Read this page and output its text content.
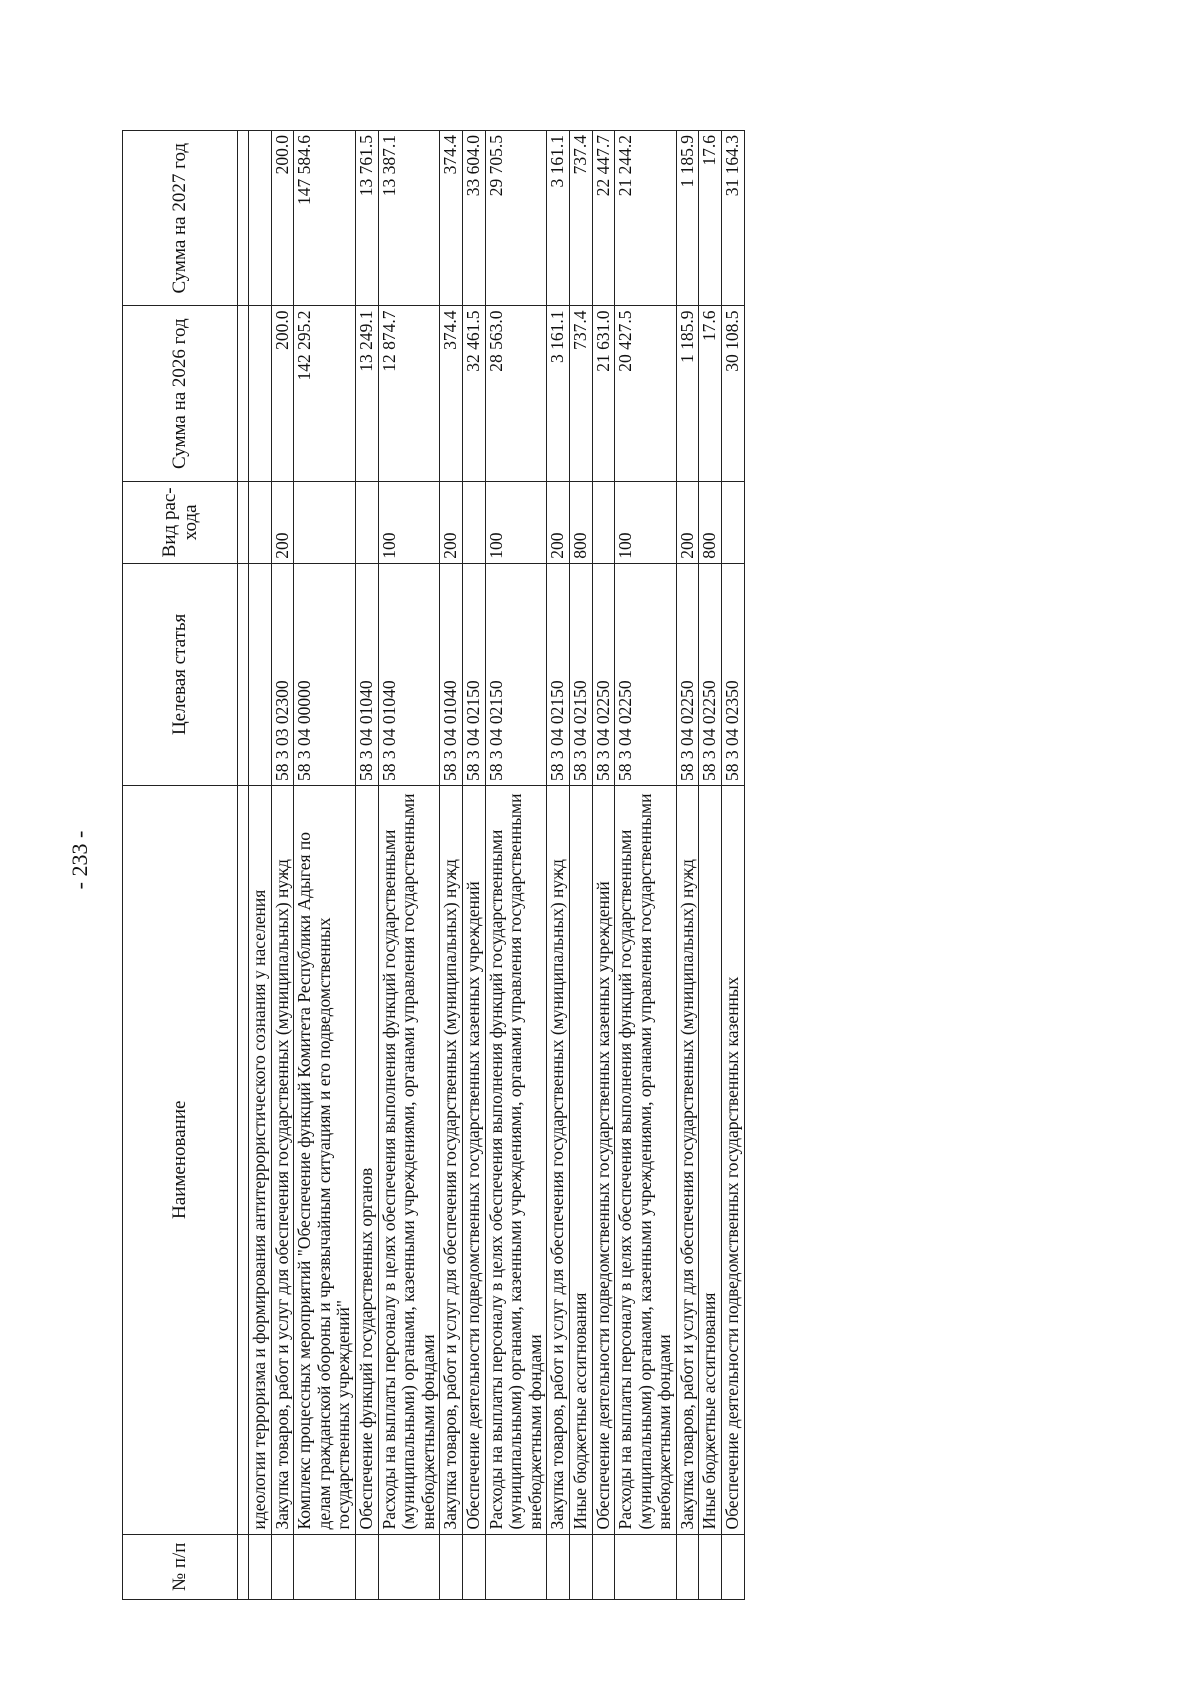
- 233 -
№ п/п	Наименование	Целевая статья	Вид рас-хода	Сумма на 2026 год	Сумма на 2027 год

	идеологии терроризма и формирования антитеррористического сознания у населения				
	Закупка товаров, работ и услуг для обеспечения государственных (муниципальных) нужд	58 3 03 02300	200	200.0	200.0
	Комплекс процессных мероприятий "Обеспечение функций Комитета Республики Адыгея по делам гражданской обороны и чрезвычайным ситуациям и его подведомственных государственных учреждений"	58 3 04 00000		142 295.2	147 584.6
	Обеспечение функций государственных органов	58 3 04 01040		13 249.1	13 761.5
	Расходы на выплаты персоналу в целях обеспечения выполнения функций государственными (муниципальными) органами, казенными учреждениями, органами управления государственными внебюджетными фондами	58 3 04 01040	100	12 874.7	13 387.1
	Закупка товаров, работ и услуг для обеспечения государственных (муниципальных) нужд	58 3 04 01040	200	374.4	374.4
	Обеспечение деятельности подведомственных государственных казенных учреждений	58 3 04 02150		32 461.5	33 604.0
	Расходы на выплаты персоналу в целях обеспечения выполнения функций государственными (муниципальными) органами, казенными учреждениями, органами управления государственными внебюджетными фондами	58 3 04 02150	100	28 563.0	29 705.5
	Закупка товаров, работ и услуг для обеспечения государственных (муниципальных) нужд	58 3 04 02150	200	3 161.1	3 161.1
	Иные бюджетные ассигнования	58 3 04 02150	800	737.4	737.4
	Обеспечение деятельности подведомственных государственных казенных учреждений	58 3 04 02250		21 631.0	22 447.7
	Расходы на выплаты персоналу в целях обеспечения выполнения функций государственными (муниципальными) органами, казенными учреждениями, органами управления государственными внебюджетными фондами	58 3 04 02250	100	20 427.5	21 244.2
	Закупка товаров, работ и услуг для обеспечения государственных (муниципальных) нужд	58 3 04 02250	200	1 185.9	1 185.9
	Иные бюджетные ассигнования	58 3 04 02250	800	17.6	17.6
	Обеспечение деятельности подведомственных государственных казенных	58 3 04 02350		30 108.5	31 164.3
